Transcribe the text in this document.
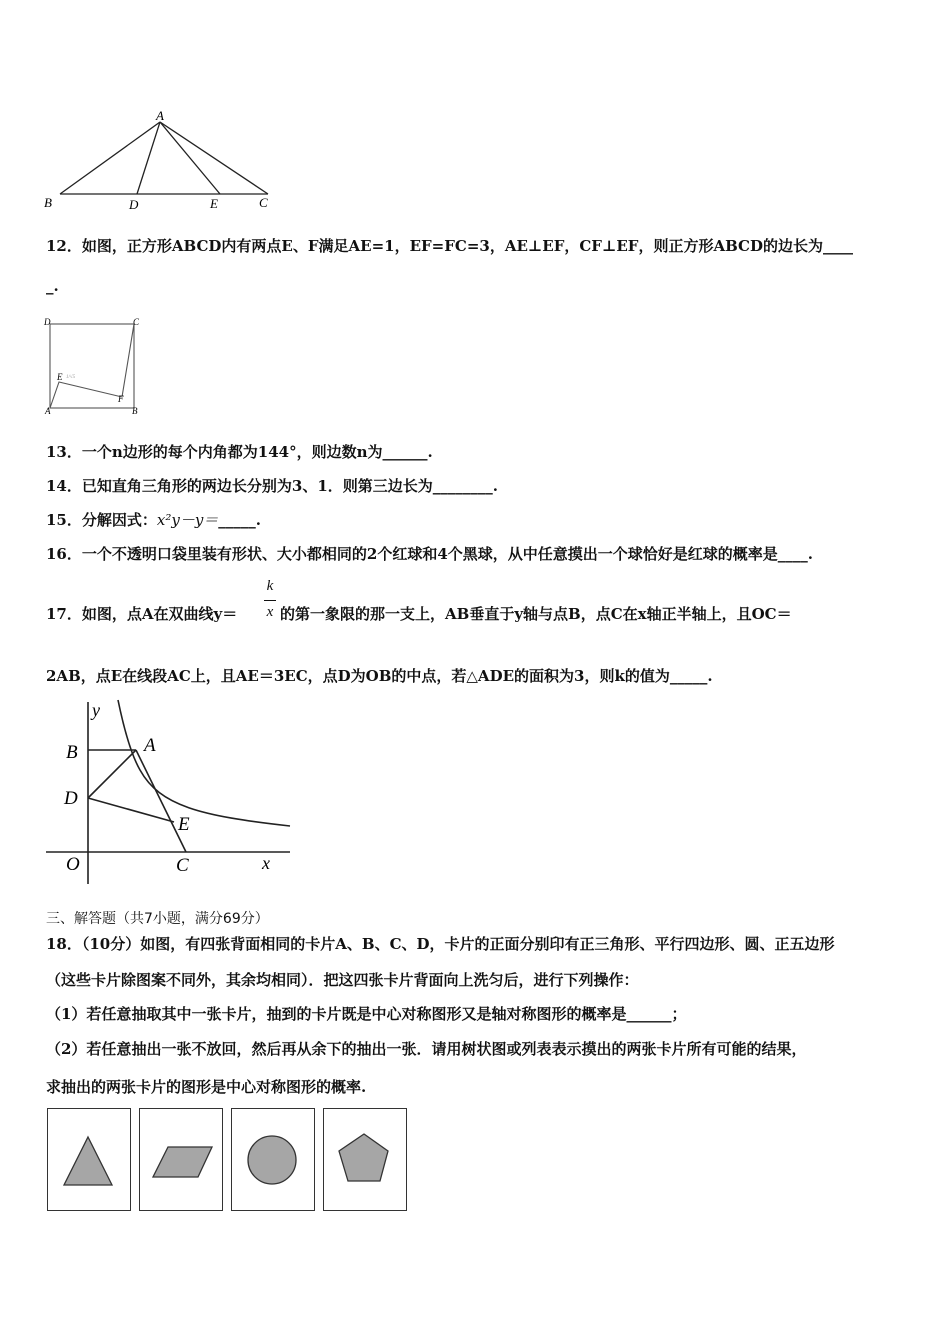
A
B	D	E	C
12．如图，正方形ABCD内有两点E、F满足AE=1，EF=FC=3，AE⊥EF，CF⊥EF，则正方形ABCD的边长为____
_.
D	C
E
A
F
B
1/√5
13．一个n边形的每个内角都为144°，则边数n为______.
14．已知直角三角形的两边长分别为3、1．则第三边长为________.
15．分解因式：x²y－y＝_____.
16．一个不透明口袋里装有形状、大小都相同的2个红球和4个黑球，从中任意摸出一个球恰好是红球的概率是____.
17．如图，点A在双曲线y＝
k
x 的第一象限的那一支上，AB垂直于y轴与点B，点C在x轴正半轴上，且OC＝
2AB，点E在线段AC上，且AE＝3EC，点D为OB的中点，若△ADE的面积为3，则k的值为_____.
y
B	A
D
E
O	C	x
三、解答题（共7小题，满分69分）
18．（10分）如图，有四张背面相同的卡片A、B、C、D，卡片的正面分别印有正三角形、平行四边形、圆、正五边形
（这些卡片除图案不同外，其余均相同）．把这四张卡片背面向上洗匀后，进行下列操作：
（1）若任意抽取其中一张卡片，抽到的卡片既是中心对称图形又是轴对称图形的概率是______；
（2）若任意抽出一张不放回，然后再从余下的抽出一张．请用树状图或列表表示摸出的两张卡片所有可能的结果，
求抽出的两张卡片的图形是中心对称图形的概率.
